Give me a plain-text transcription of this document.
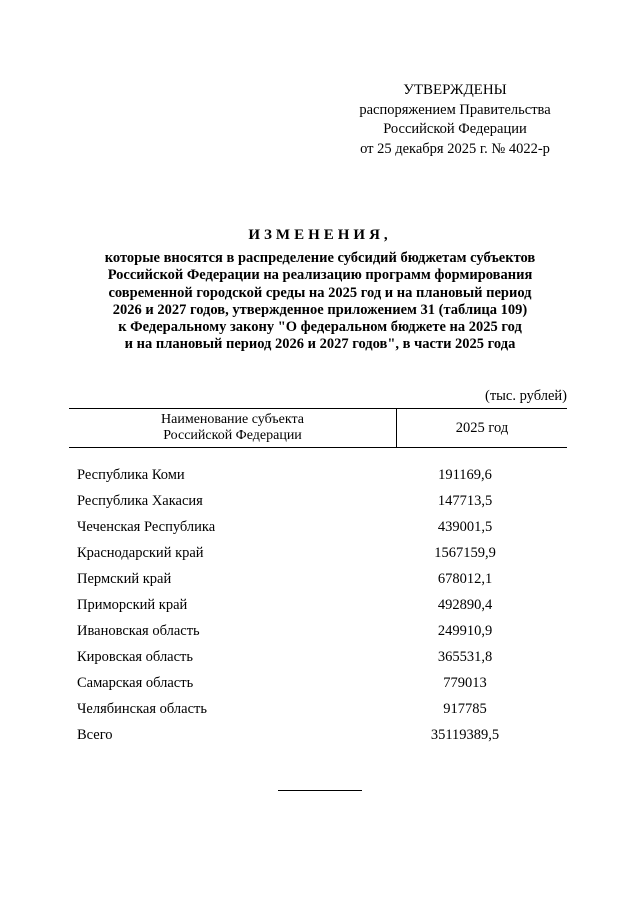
УТВЕРЖДЕНЫ
распоряжением Правительства
Российской Федерации
от 25 декабря 2025 г. № 4022-р
ИЗМЕНЕНИЯ,
которые вносятся в распределение субсидий бюджетам субъектов
Российской Федерации на реализацию программ формирования
современной городской среды на 2025 год и на плановый период
2026 и 2027 годов, утвержденное приложением 31 (таблица 109)
к Федеральному закону "О федеральном бюджете на 2025 год
и на плановый период 2026 и 2027 годов", в части 2025 года
(тыс. рублей)
Наименование субъекта
Российской Федерации	2025 год
Республика Коми	191169,6
Республика Хакасия	147713,5
Чеченская Республика	439001,5
Краснодарский край	1567159,9
Пермский край	678012,1
Приморский край	492890,4
Ивановская область	249910,9
Кировская область	365531,8
Самарская область	779013
Челябинская область	917785
Всего	35119389,5
